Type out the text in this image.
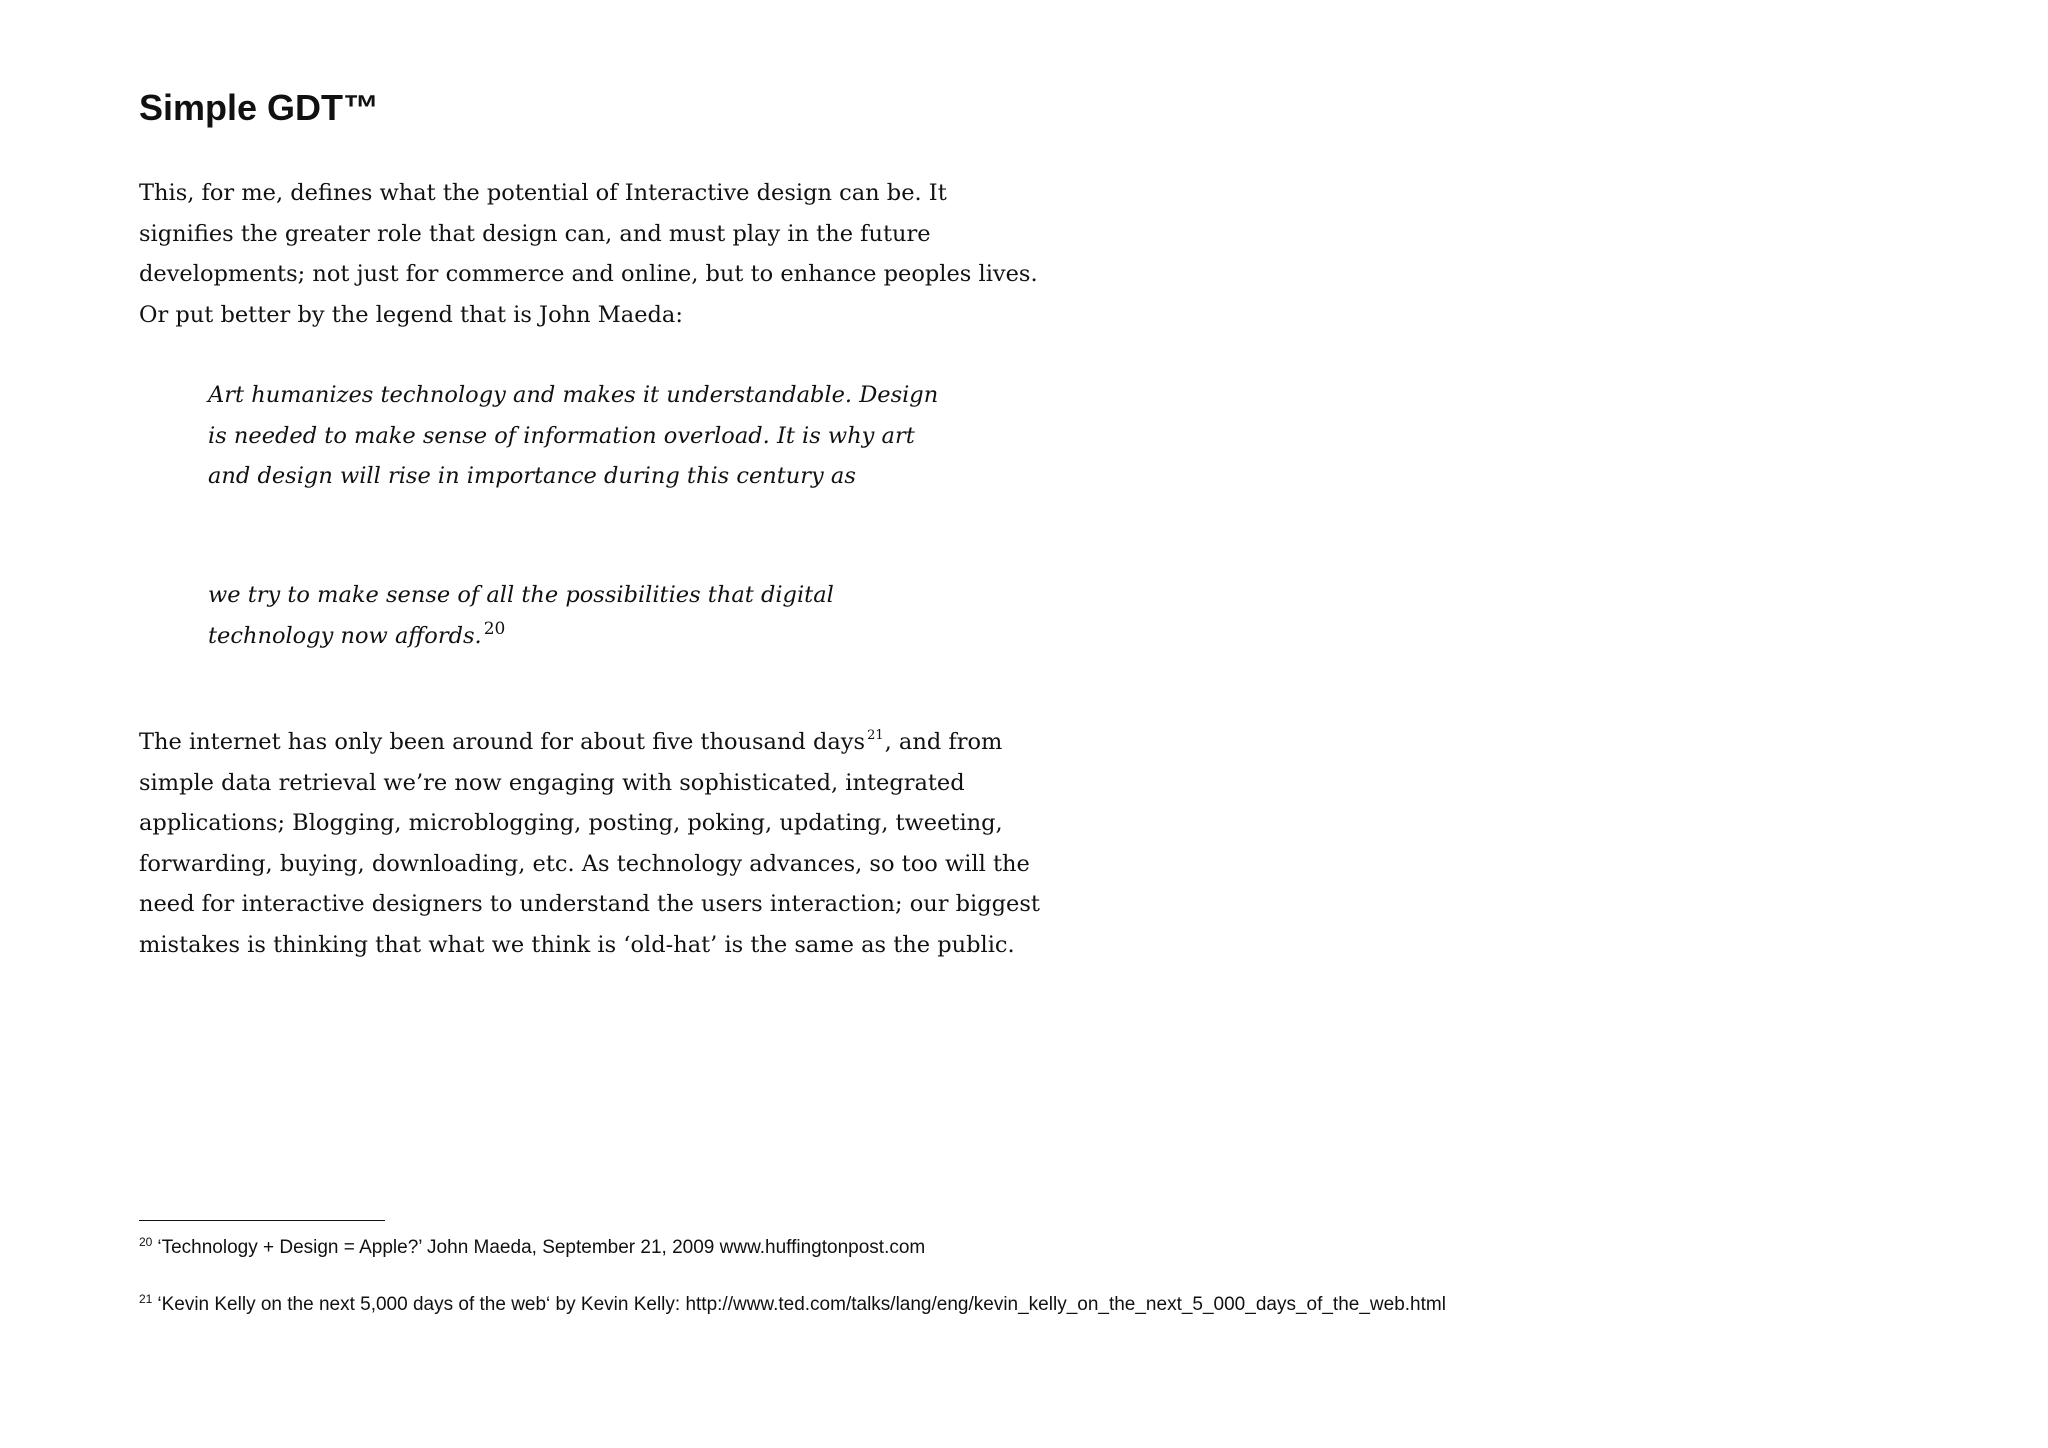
Simple GDT™

This, for me, defines what the potential of Interactive design can be. It
signifies the greater role that design can, and must play in the future
developments; not just for commerce and online, but to enhance peoples lives.
Or put better by the legend that is John Maeda:

Art humanizes technology and makes it understandable. Design
is needed to make sense of information overload. It is why art
and design will rise in importance during this century as
we try to make sense of all the possibilities that digital
technology now affords. $^{20}$

The internet has only been around for about five thousand days $^{21}$, and from
simple data retrieval we’re now engaging with sophisticated, integrated
applications; Blogging, microblogging, posting, poking, updating, tweeting,
forwarding, buying, downloading, etc. As technology advances, so too will the
need for interactive designers to understand the users interaction; our biggest
mistakes is thinking that what we think is ‘old-hat’ is the same as the public.

$^{20}$ ‘Technology + Design = Apple?’ John Maeda, September 21, 2009 www.huffingtonpost.com

$^{21}$ ‘Kevin Kelly on the next 5,000 days of the web‘ by Kevin Kelly: http://www.ted.com/talks/lang/eng/kevin_kelly_on_the_next_5_000_days_of_the_web.html
